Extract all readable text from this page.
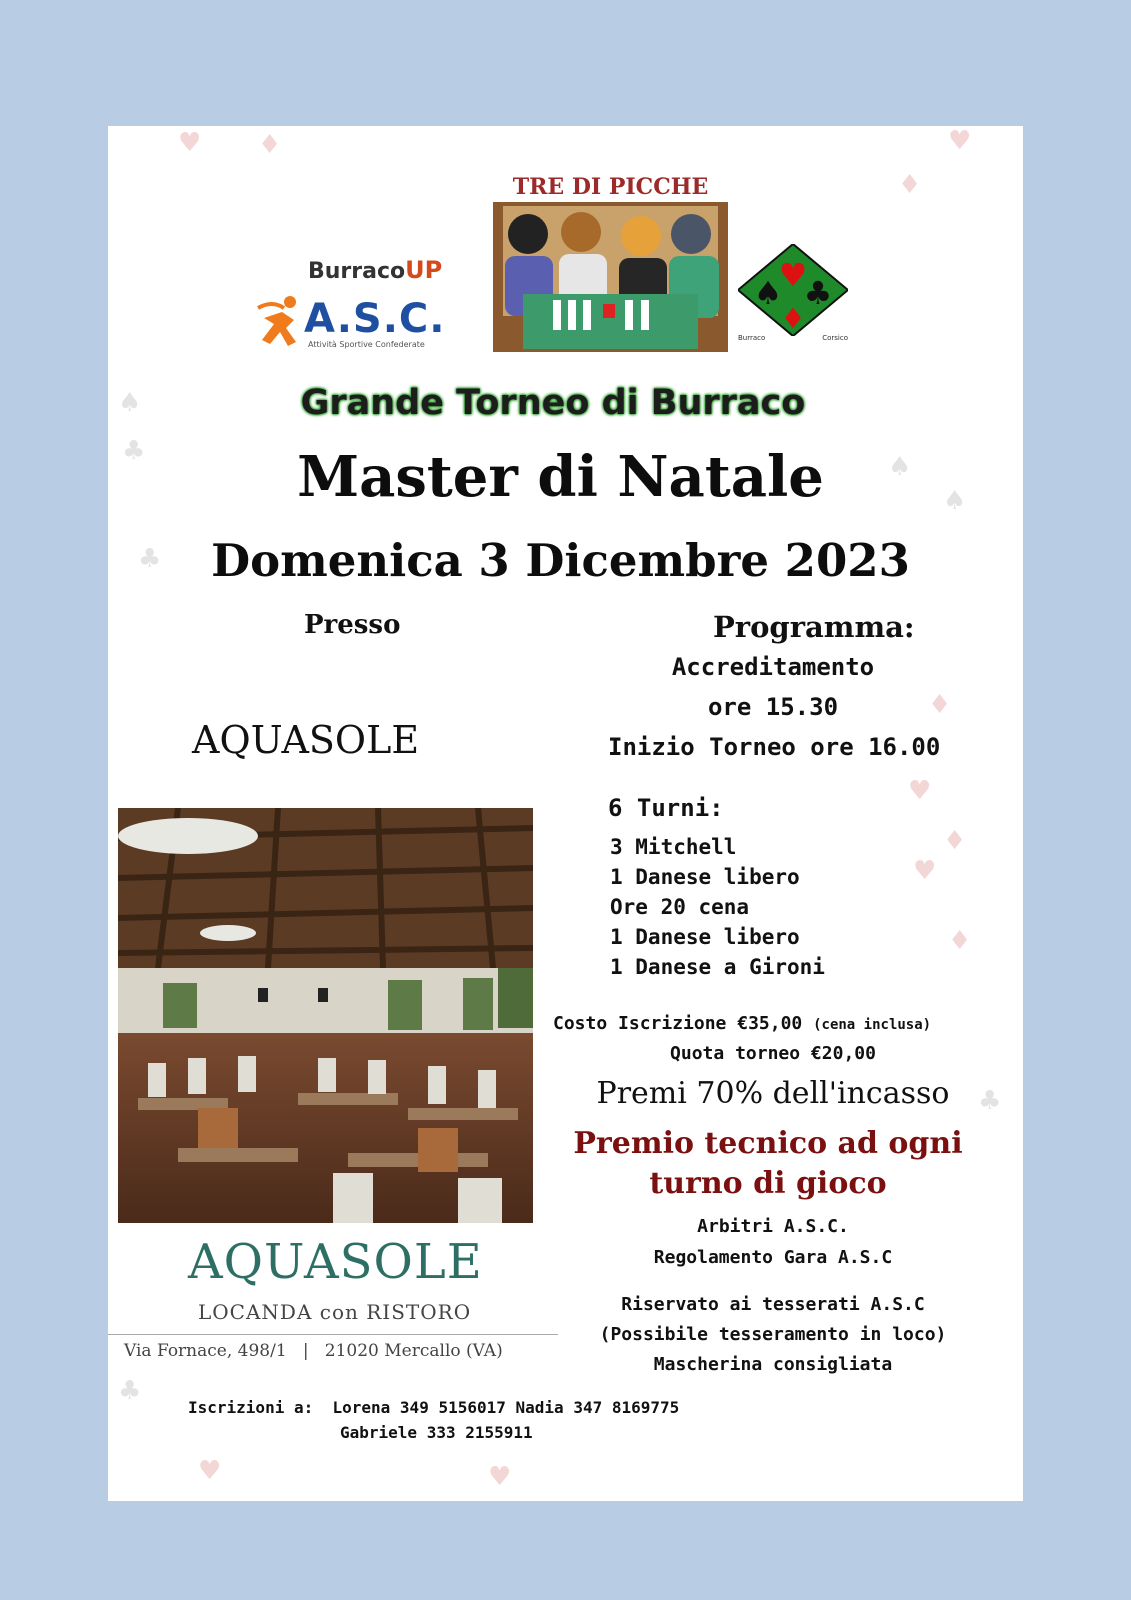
♥ ♦
♦
♥
♠
♣
♠
♠
♣
♦
♥
♦
♥
♦
♣
♣
♥	♥
BurracoUP
A.S.C.
Attività Sportive Confederate
TRE DI PICCHE
♥
♠ ♣
♦
Burraco	Corsico
Grande Torneo di Burraco
Master di Natale
Domenica 3 Dicembre 2023
Presso
AQUASOLE
AQUASOLE
LOCANDA con RISTORO
Via Fornace, 498/1   |   21020 Mercallo (VA)
Programma:
Accreditamento
ore 15.30
Inizio Torneo ore 16.00
6 Turni:
3 Mitchell
1 Danese libero
Ore 20 cena
1 Danese libero
1 Danese a Gironi
Costo Iscrizione €35,00 (cena inclusa)
Quota torneo €20,00
Premi 70% dell'incasso
Premio tecnico ad ogni
turno di gioco
Arbitri A.S.C.
Regolamento Gara A.S.C
Riservato ai tesserati A.S.C
(Possibile tesseramento in loco)
Mascherina consigliata
Iscrizioni a:  Lorena 349 5156017 Nadia 347 8169775
Gabriele 333 2155911
